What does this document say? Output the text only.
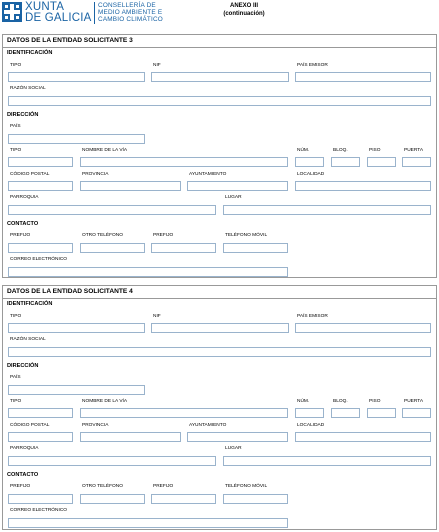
XUNTA
DE GALICIA
CONSELLERÍA DE
MEDIO AMBIENTE E
CAMBIO CLIMÁTICO
ANEXO III
(continuación)
DATOS DE LA ENTIDAD SOLICITANTE 3
IDENTIFICACIÓN
TIPO	NIF	PAÍS EMISOR
RAZÓN SOCIAL
DIRECCIÓN
PAÍS
TIPO	NOMBRE DE LA VÍA	NÚM.	BLOQ.	PISO	PUERTA
CÓDIGO POSTAL	PROVINCIA	AYUNTAMIENTO	LOCALIDAD
PARROQUIA	LUGAR
CONTACTO
PREFIJO	OTRO TELÉFONO	PREFIJO	TELÉFONO MÓVIL
CORREO ELECTRÓNICO
DATOS DE LA ENTIDAD SOLICITANTE 4
IDENTIFICACIÓN
TIPO	NIF	PAÍS EMISOR
RAZÓN SOCIAL
DIRECCIÓN
PAÍS
TIPO	NOMBRE DE LA VÍA	NÚM.	BLOQ.	PISO	PUERTA
CÓDIGO POSTAL	PROVINCIA	AYUNTAMIENTO	LOCALIDAD
PARROQUIA	LUGAR
CONTACTO
PREFIJO	OTRO TELÉFONO	PREFIJO	TELÉFONO MÓVIL
CORREO ELECTRÓNICO
